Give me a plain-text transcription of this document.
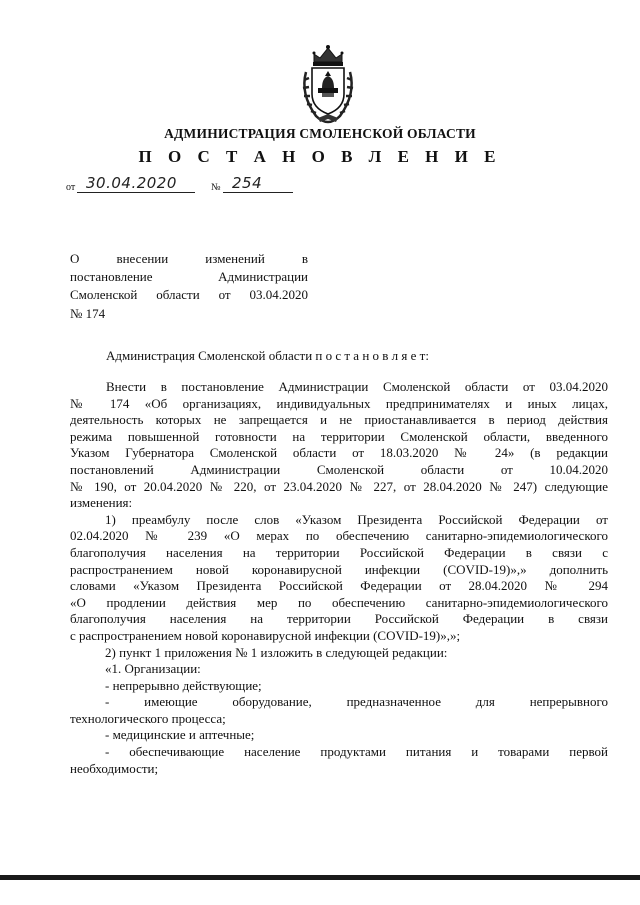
АДМИНИСТРАЦИЯ СМОЛЕНСКОЙ ОБЛАСТИ
П О С Т А Н О В Л Е Н И Е
от 30.04.2020	№ 254
О внесении изменений в
постановление Администрации
Смоленской области от 03.04.2020
№ 174
Администрация Смоленской области п о с т а н о в л я е т:
Внести в постановление Администрации Смоленской области от 03.04.2020
№ 174 «Об организациях, индивидуальных предпринимателях и иных лицах,
деятельность которых не запрещается и не приостанавливается в период действия
режима повышенной готовности на территории Смоленской области, введенного
Указом Губернатора Смоленской области от 18.03.2020 № 24» (в редакции
постановлений Администрации Смоленской области от 10.04.2020
№ 190, от 20.04.2020 № 220, от 23.04.2020 № 227, от 28.04.2020 № 247) следующие
изменения:
1) преамбулу после слов «Указом Президента Российской Федерации от
02.04.2020 № 239 «О мерах по обеспечению санитарно-эпидемиологического
благополучия населения на территории Российской Федерации в связи с
распространением новой коронавирусной инфекции (COVID-19)»,» дополнить
словами «Указом Президента Российской Федерации от 28.04.2020 № 294
«О продлении действия мер по обеспечению санитарно-эпидемиологического
благополучия населения на территории Российской Федерации в связи
с распространением новой коронавирусной инфекции (COVID-19)»,»;
2) пункт 1 приложения № 1 изложить в следующей редакции:
«1. Организации:
- непрерывно действующие;
- имеющие оборудование, предназначенное для непрерывного
технологического процесса;
- медицинские и аптечные;
- обеспечивающие население продуктами питания и товарами первой
необходимости;
